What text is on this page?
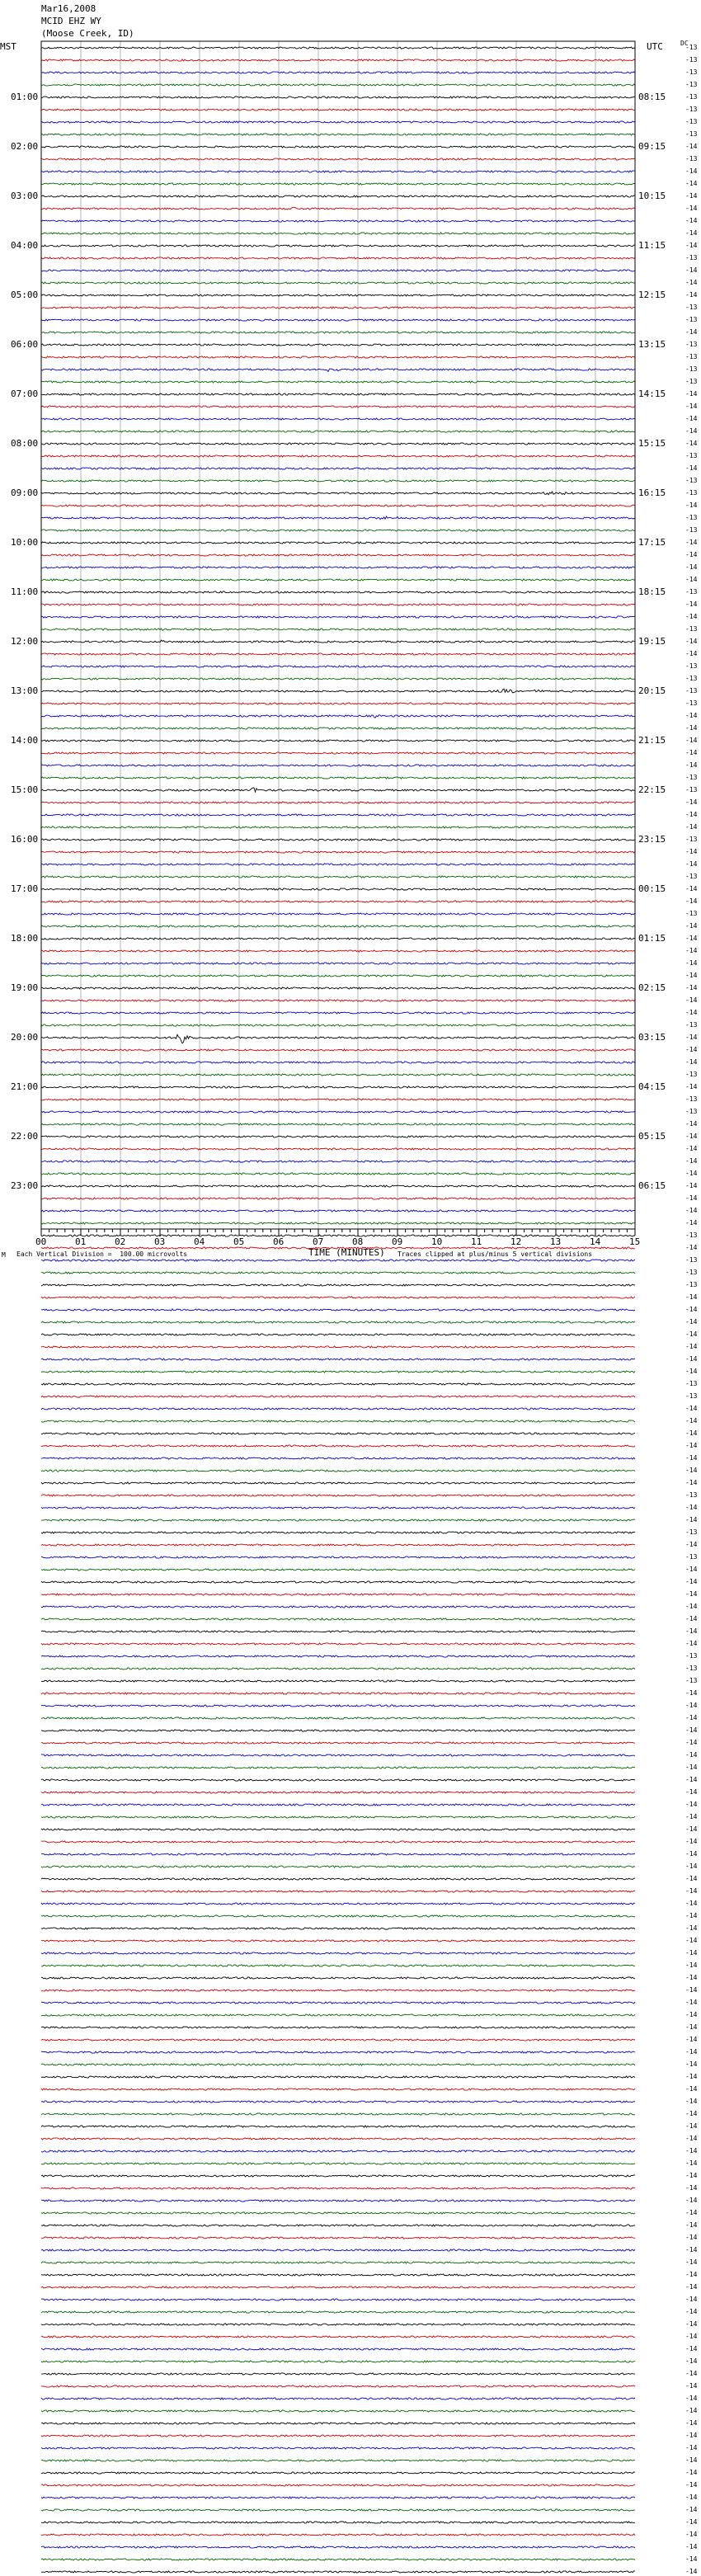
Mar16,2008
MCID EHZ WY
(Moose Creek, ID)
MST	UTC	DC
-13
-13
-13
-13
-13
-13
-13
-13
-14
-13
-14
-14
-14
-14
-14
-14
-14
-13
-14
-14
-14
-13
-13
-14
-13
-13
-13
-13
-14
-14
-14
-14
-14
-13
-14
-13
-13
-14
-13
-13
-14
-14
-14
-14
-13
-14
-14
-13
-14
-14
-13
-13
-13
-13
-14
-14
-14
-14
-14
-13
-13
-14
-14
-14
-13
-14
-14
-13
-14
-14
-13
-14
-14
-14
-14
-14
-14
-14
-14
-13
-14
-14
-14
-13
-14
-13
-13
-14
-14
-14
-14
-14
-14
-14
-14
-14
-13
-14
-13
-13
-13
-14
-14
-14
-14
-14
-14
-14
-13
-13
-14
-14
-14
-14
-14
-14
-14
-13
-14
-14
-13
-14
-13
-14
-14
-14
-14
-14
-14
-14
-13
-13
-13
-14
-14
-14
-14
-14
-14
-14
-14
-14
-14
-14
-14
-14
-14
-14
-14
-14
-14
-14
-14
-14
-14
-14
-14
-14
-14
-14
-14
-14
-14
-14
-14
-14
-14
-14
-14
-14
-14
-14
-14
-14
-14
-14
-14
-14
-14
-14
-14
-14
-14
-14
-14
-14
-14
-14
-14
-14
-14
-14
-14
-14
-14
-14
-14
-14
-14
-14
-14
-14
-14
-14
-14
01:00
02:00
03:00
04:00
05:00
06:00
07:00
08:00
09:00
10:00
11:00
12:00
13:00
14:00
15:00
16:00
17:00
18:00
19:00
20:00
21:00
22:00
23:00
08:15
09:15
10:15
11:15
12:15
13:15
14:15
15:15
16:15
17:15
18:15
19:15
20:15
21:15
22:15
23:15
00:15
01:15
02:15
03:15
04:15
05:15
06:15
00	01	02	03	04	05	06	07	08	09	10	11	12	13	14	15
M Each Vertical Division =  100.00 microvolts	TIME (MINUTES) Traces clipped at plus/minus 5 vertical divisions
